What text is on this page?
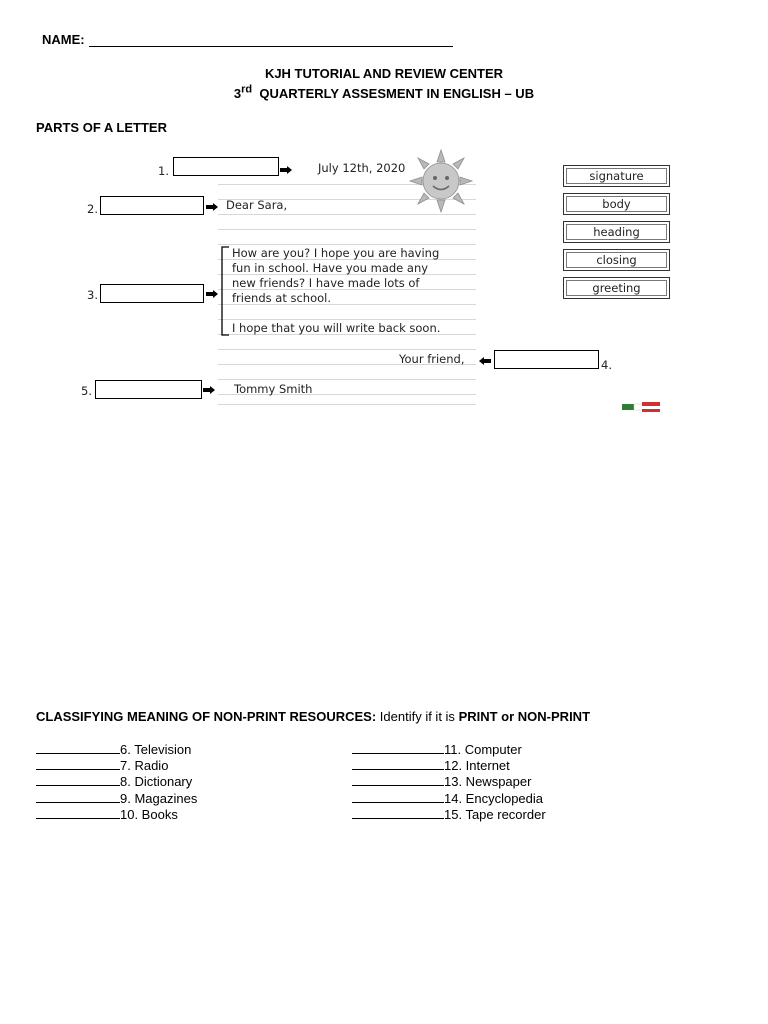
NAME:
KJH TUTORIAL AND REVIEW CENTER
3rd QUARTERLY ASSESMENT IN ENGLISH – UB
PARTS OF A LETTER
1.	July 12th, 2020
2.	Dear Sara,
3.
How are you? I hope you are having
fun in school. Have you made any
new friends? I have made lots of
friends at school.
I hope that you will write back soon.
Your friend,	4.
5.	Tommy Smith
signature
body
heading
closing
greeting
CLASSIFYING MEANING OF NON-PRINT RESOURCES: Identify if it is PRINT or NON-PRINT
6. Television
7. Radio
8. Dictionary
9. Magazines
10. Books
11. Computer
12. Internet
13. Newspaper
14. Encyclopedia
15. Tape recorder
